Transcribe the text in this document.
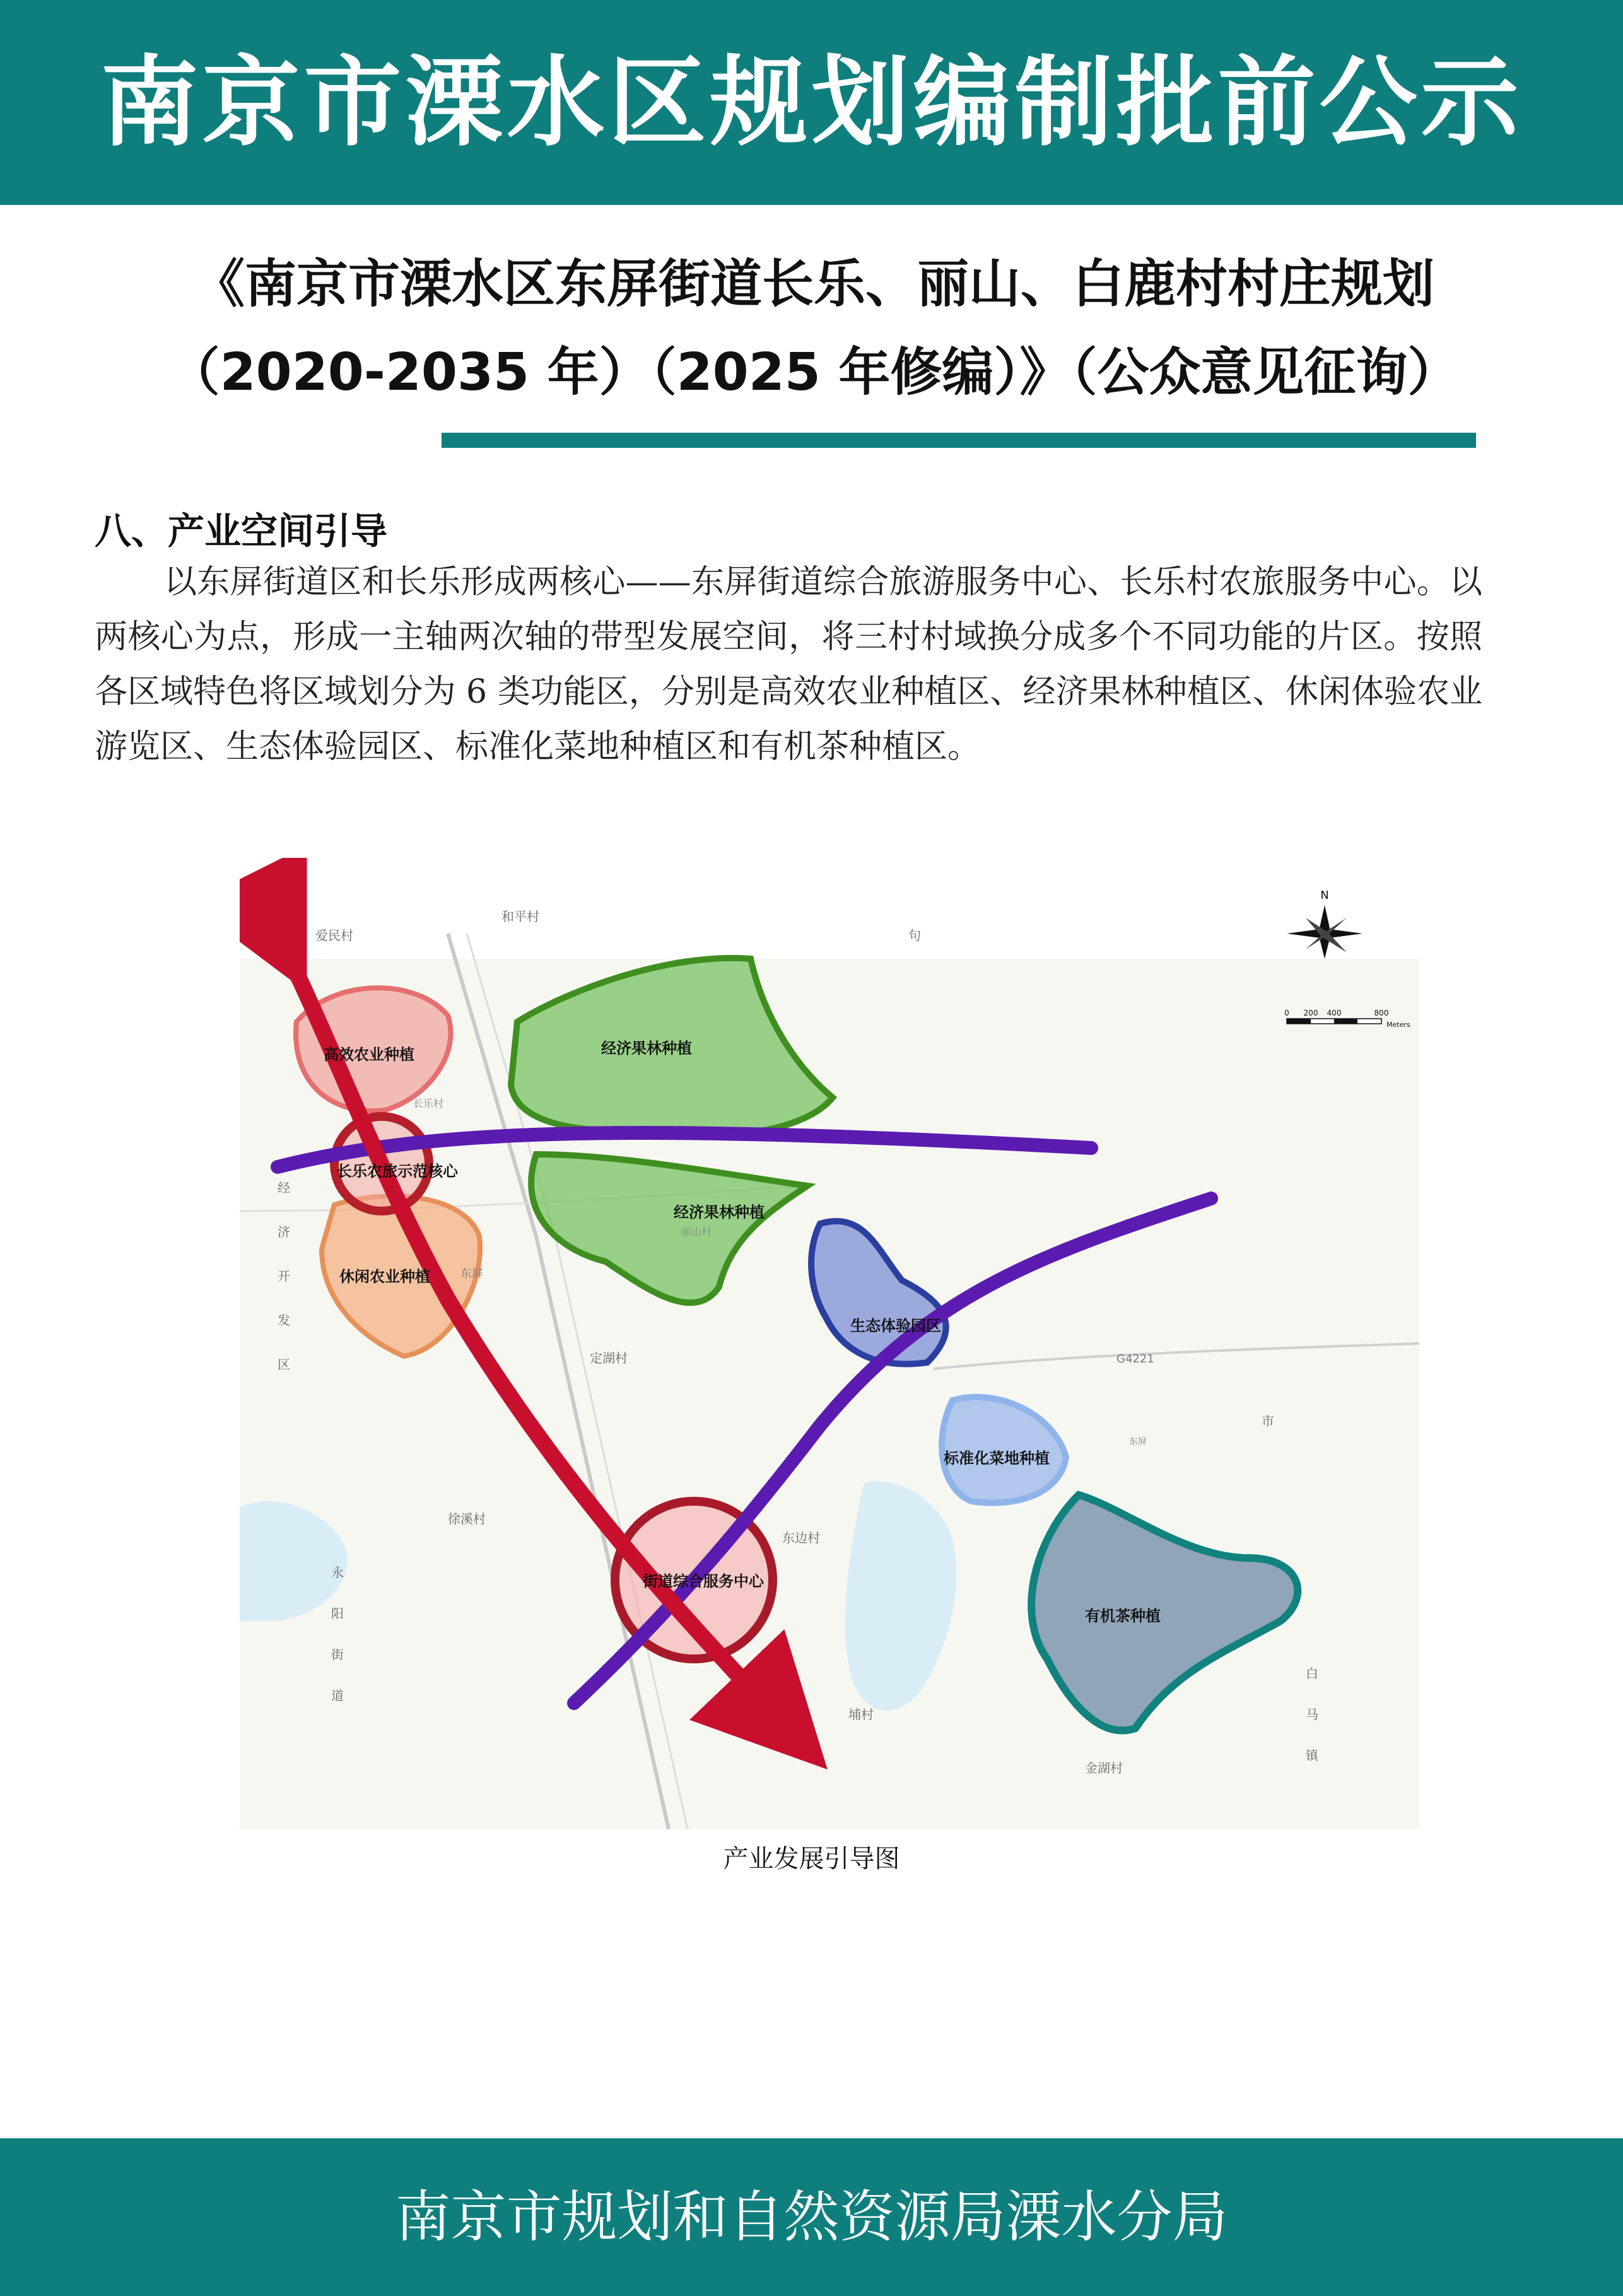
南京市溧水区规划编制批前公示
《南京市溧水区东屏街道长乐、丽山、白鹿村村庄规划
（2020-2035 年）（2025 年修编）》（公众意见征询）
八、产业空间引导
以东屏街道区和长乐形成两核心——东屏街道综合旅游服务中心、长乐村农旅服务中心。以两核心为点，形成一主轴两次轴的带型发展空间，将三村村域换分成多个不同功能的片区。按照各区域特色将区域划分为 6 类功能区，分别是高效农业种植区、经济果林种植区、休闲体验农业游览区、生态体验园区、标准化菜地种植区和有机茶种植区。
高效农业种植	经济果林种植
经济果林种植
休闲农业种植
生态体验园区
标准化菜地种植
有机茶种植
长乐农旅示范核心
街道综合服务中心
爱民村
和平村
句
长乐村
丽山村
定湖村
徐溪村
东边村
金湖村
埔村
市
G4221
东屏
东屏
经
济
开
发
区
永
阳
街
道
白
马
镇
N
0 200 400	800
Meters
产业发展引导图
南京市规划和自然资源局溧水分局
